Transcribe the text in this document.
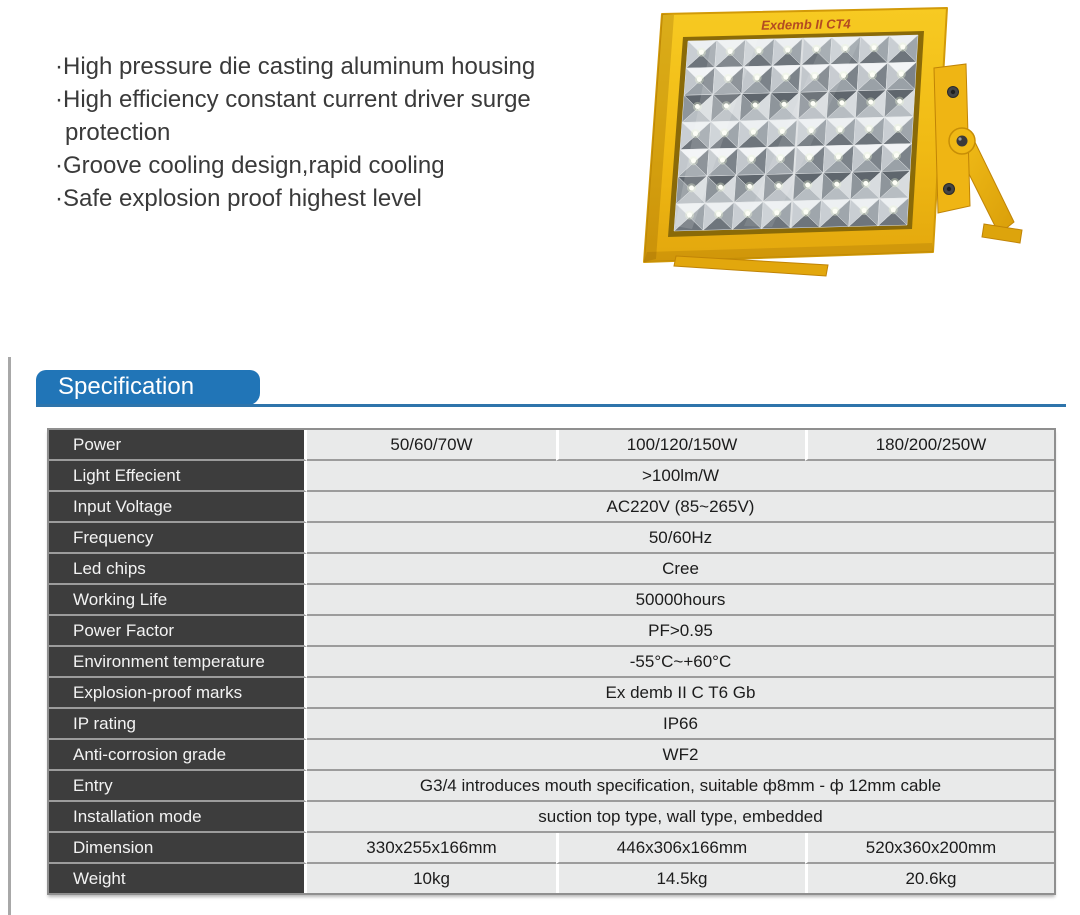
·High pressure die casting aluminum housing
·High efficiency constant current driver surge protection
·Groove cooling design,rapid cooling
·Safe explosion proof highest level
Exdemb II CT4
Specification
Power	50/60/70W	100/120/150W	180/200/250W
Light Effecient	>100lm/W		
Input Voltage	AC220V (85~265V)		
Frequency	50/60Hz		
Led chips	Cree		
Working Life	50000hours		
Power Factor	PF>0.95		
Environment temperature	-55°C~+60°C		
Explosion-proof marks	Ex demb II C T6 Gb		
IP rating	IP66		
Anti-corrosion grade	WF2		
Entry	G3/4 introduces mouth specification, suitable ф8mm - ф 12mm cable		
Installation mode	suction top type, wall type, embedded		
Dimension	330x255x166mm	446x306x166mm	520x360x200mm
Weight	10kg	14.5kg	20.6kg
